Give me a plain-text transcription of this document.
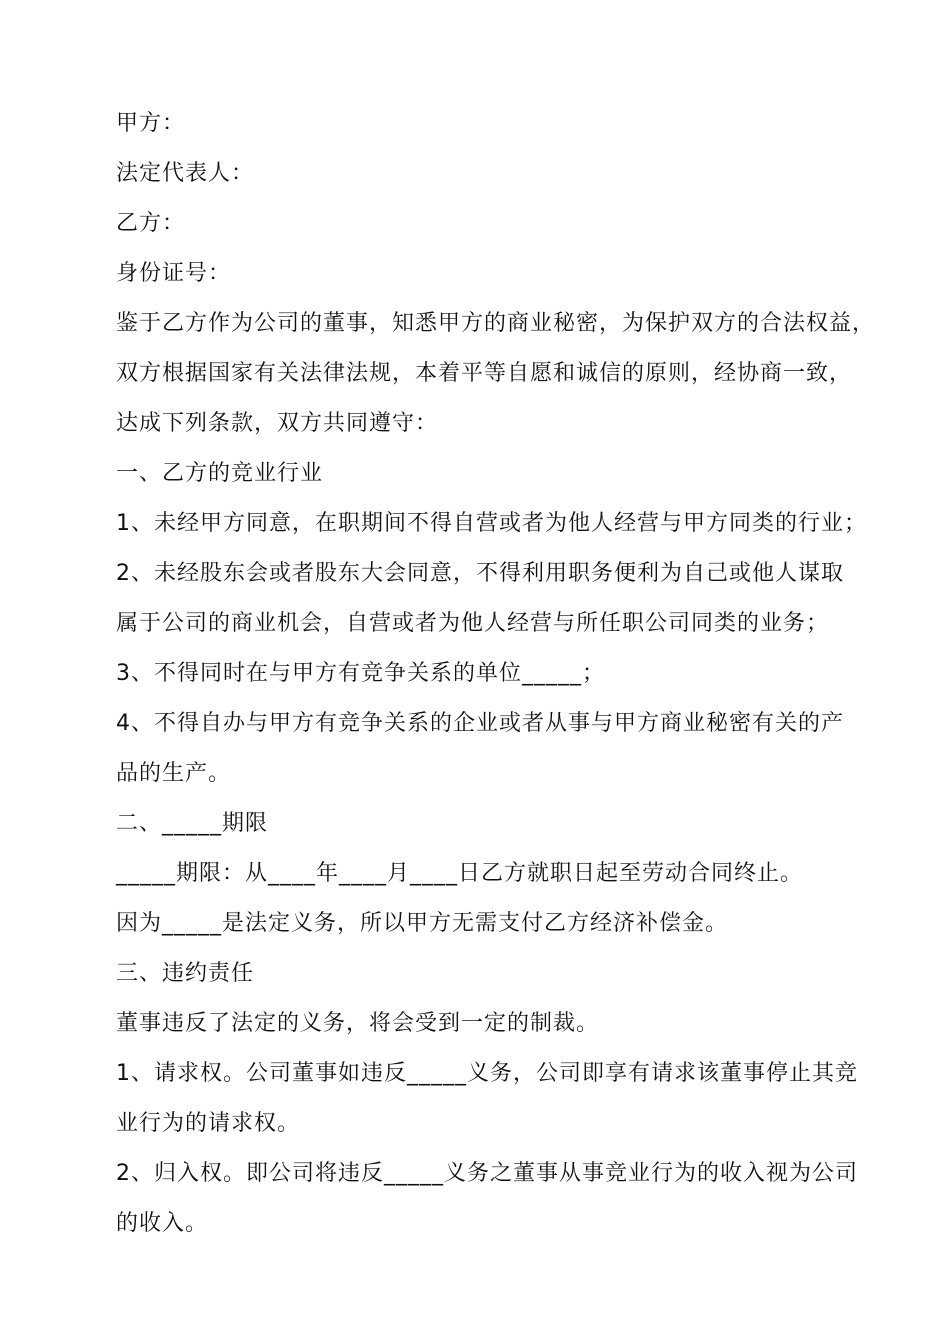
甲方：
法定代表人：
乙方：
身份证号：
鉴于乙方作为公司的董事，知悉甲方的商业秘密，为保护双方的合法权益，
双方根据国家有关法律法规，本着平等自愿和诚信的原则，经协商一致，
达成下列条款，双方共同遵守：
一、乙方的竞业行业
1、未经甲方同意，在职期间不得自营或者为他人经营与甲方同类的行业；
2、未经股东会或者股东大会同意，不得利用职务便利为自己或他人谋取
属于公司的商业机会，自营或者为他人经营与所任职公司同类的业务；
3、不得同时在与甲方有竞争关系的单位_____；
4、不得自办与甲方有竞争关系的企业或者从事与甲方商业秘密有关的产
品的生产。
二、_____期限
_____期限：从____年____月____日乙方就职日起至劳动合同终止。
因为_____是法定义务，所以甲方无需支付乙方经济补偿金。
三、违约责任
董事违反了法定的义务，将会受到一定的制裁。
1、请求权。公司董事如违反_____义务，公司即享有请求该董事停止其竞
业行为的请求权。
2、归入权。即公司将违反_____义务之董事从事竞业行为的收入视为公司
的收入。
